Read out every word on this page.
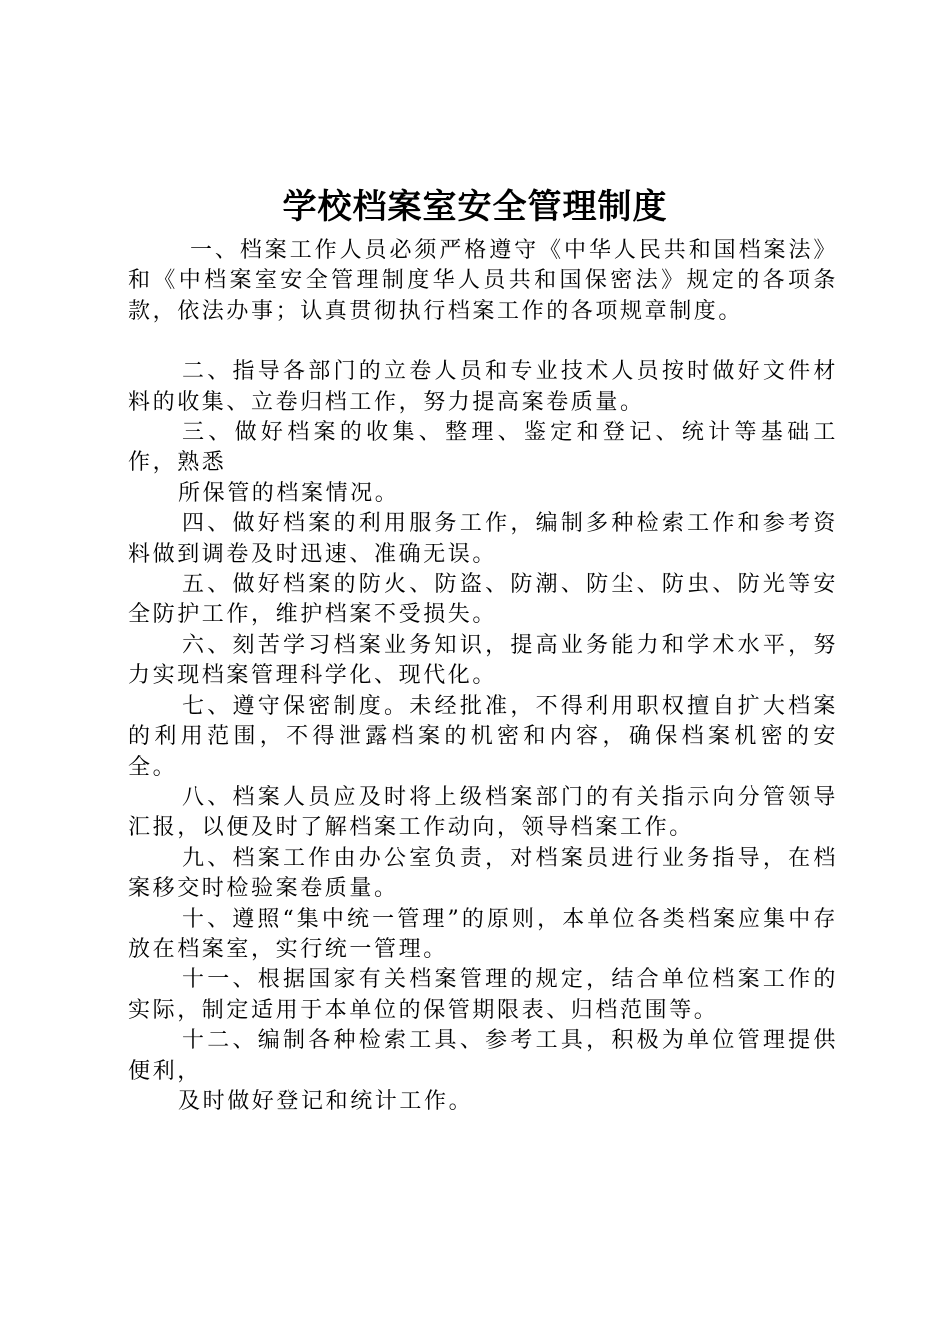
学校档案室安全管理制度

一、档案工作人员必须严格遵守《中华人民共和国档案法》和《中档案室安全管理制度华人员共和国保密法》规定的各项条款，依法办事；认真贯彻执行档案工作的各项规章制度。

二、指导各部门的立卷人员和专业技术人员按时做好文件材料的收集、立卷归档工作，努力提高案卷质量。

三、做好档案的收集、整理、鉴定和登记、统计等基础工作，熟悉

所保管的档案情况。

四、做好档案的利用服务工作，编制多种检索工作和参考资料做到调卷及时迅速、准确无误。

五、做好档案的防火、防盗、防潮、防尘、防虫、防光等安全防护工作，维护档案不受损失。

六、刻苦学习档案业务知识，提高业务能力和学术水平，努力实现档案管理科学化、现代化。

七、遵守保密制度。未经批准，不得利用职权擅自扩大档案的利用范围，不得泄露档案的机密和内容，确保档案机密的安全。

八、档案人员应及时将上级档案部门的有关指示向分管领导汇报，以便及时了解档案工作动向，领导档案工作。

九、档案工作由办公室负责，对档案员进行业务指导，在档案移交时检验案卷质量。

十、遵照“集中统一管理”的原则，本单位各类档案应集中存放在档案室，实行统一管理。

十一、根据国家有关档案管理的规定，结合单位档案工作的实际，制定适用于本单位的保管期限表、归档范围等。

十二、编制各种检索工具、参考工具，积极为单位管理提供便利，

及时做好登记和统计工作。
